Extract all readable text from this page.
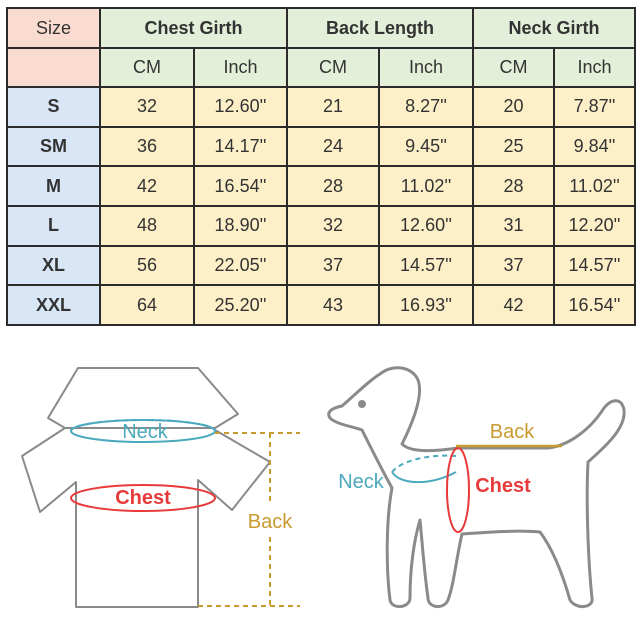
Size	Chest Girth		Back Length		Neck Girth	
	CM	Inch	CM	Inch	CM	Inch
S	32	12.60''	21	8.27''	20	7.87''
SM	36	14.17''	24	9.45''	25	9.84''
M	42	16.54''	28	11.02''	28	11.02''
L	48	18.90''	32	12.60''	31	12.20''
XL	56	22.05''	37	14.57''	37	14.57''
XXL	64	25.20''	43	16.93''	42	16.54''
Neck
Chest
Back
Neck	Chest
Back
